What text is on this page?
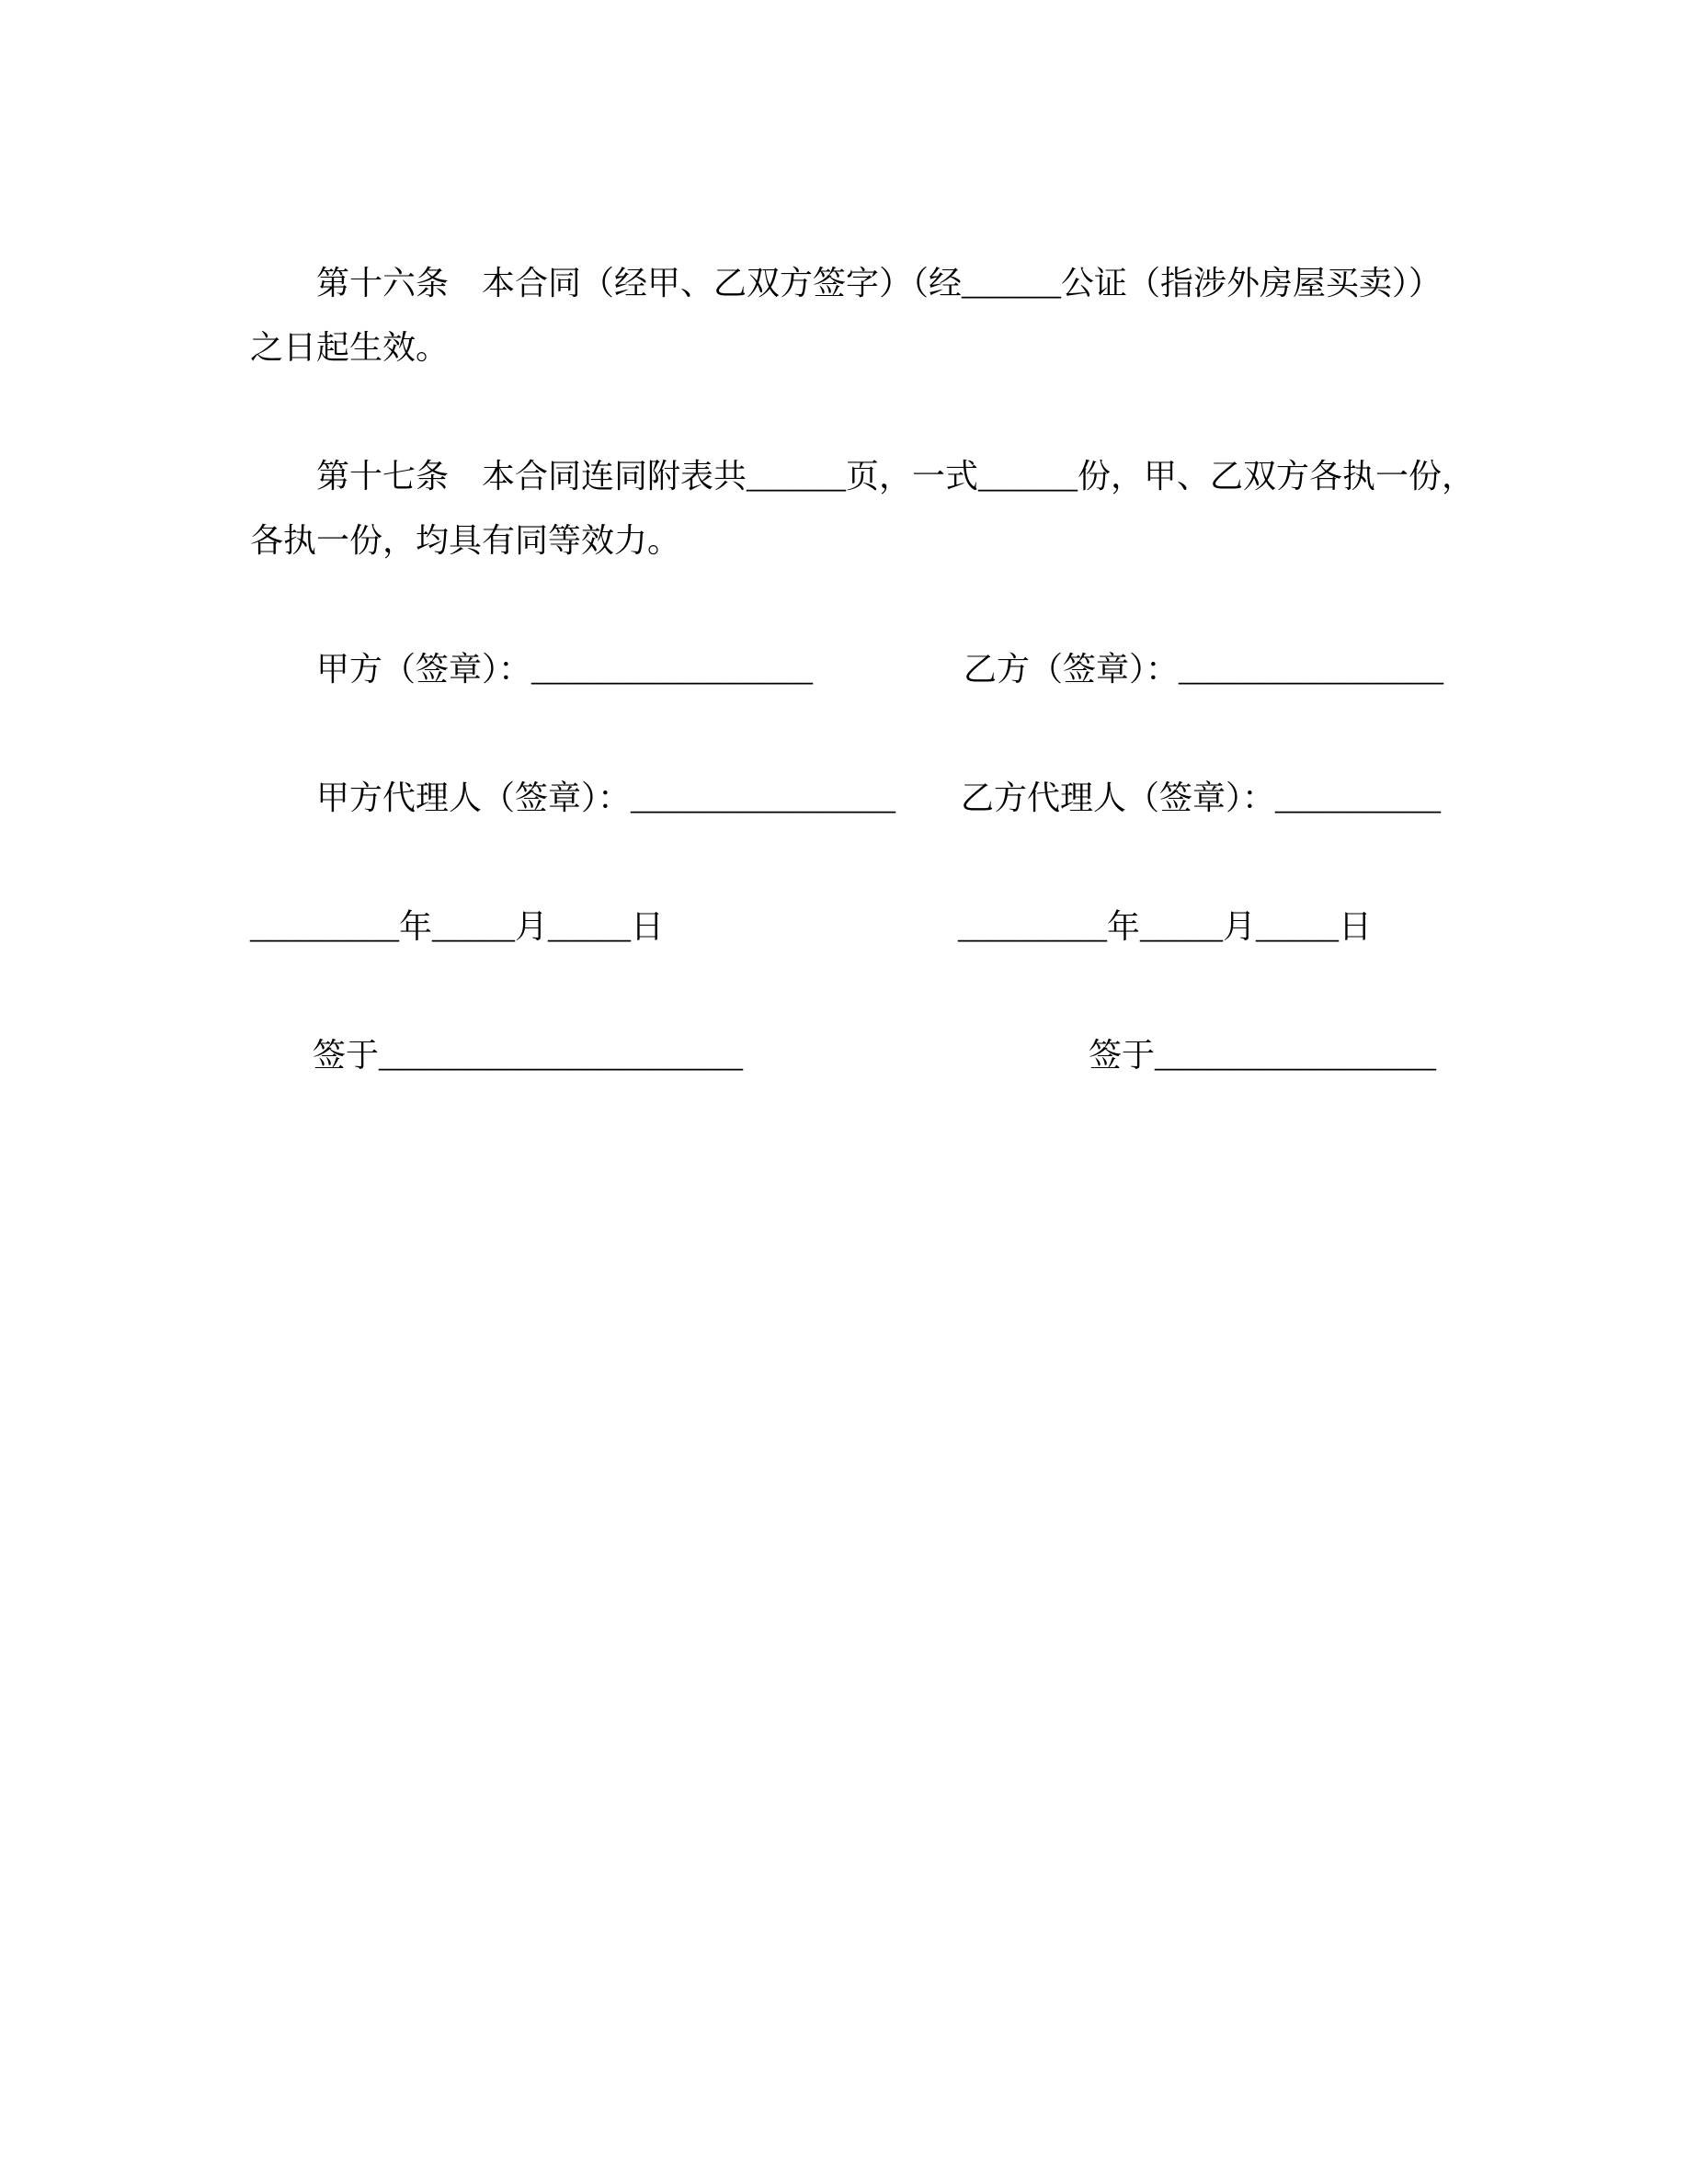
第十六条　本合同（经甲、乙双方签字）（经______公证（指涉外房屋买卖））
之日起生效。

第十七条　本合同连同附表共______页，一式______份，甲、乙双方各执一份，
各执一份，均具有同等效力。

甲方（签章）：_________________	乙方（签章）：________________
甲方代理人（签章）：________________ 乙方代理人（签章）：__________
_________年_____月_____日	_________年_____月_____日
签于______________________	签于_________________
